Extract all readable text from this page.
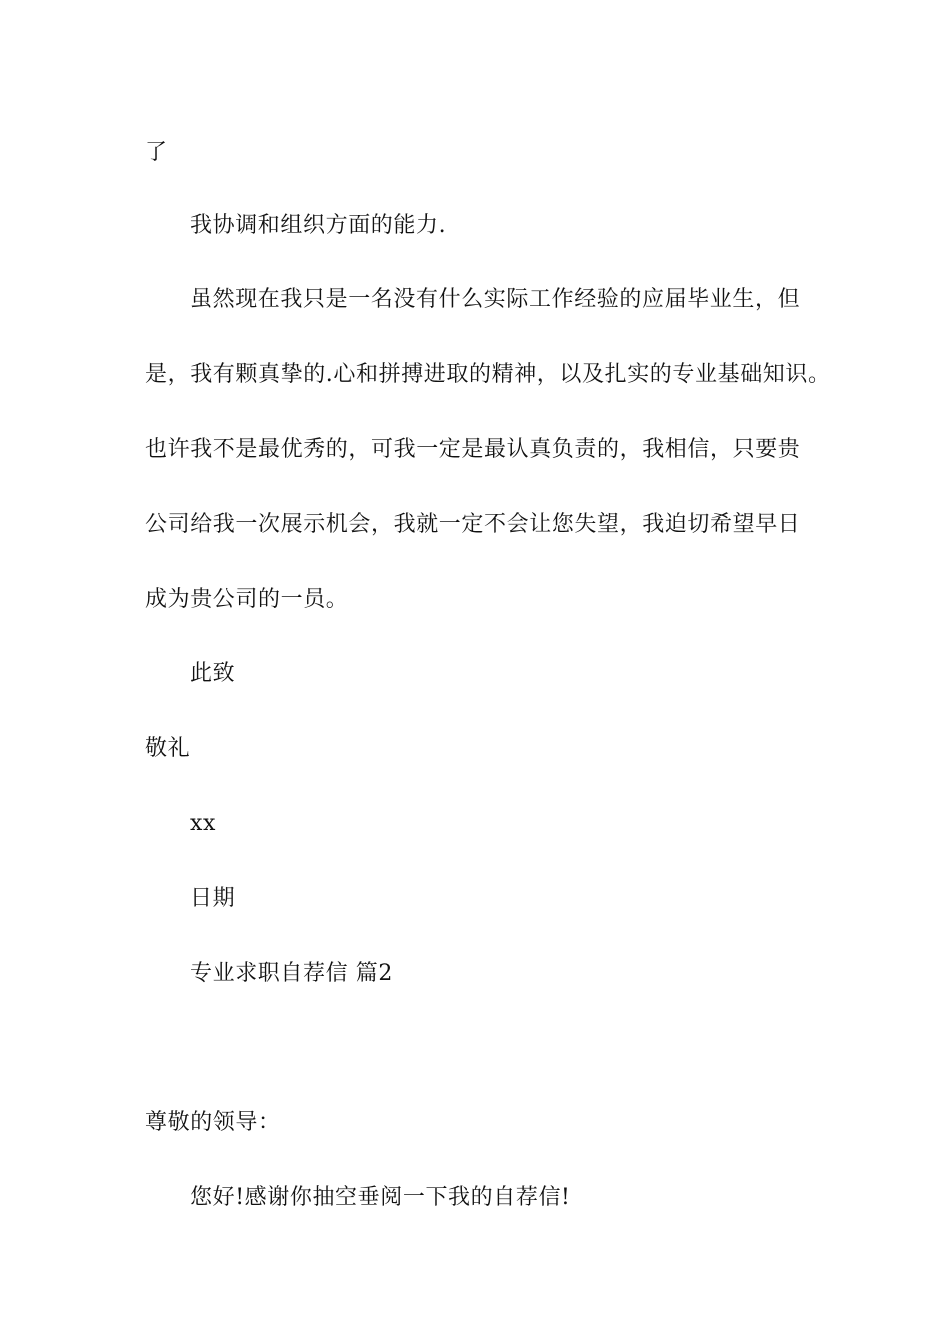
了
我协调和组织方面的能力.
虽然现在我只是一名没有什么实际工作经验的应届毕业生，但
是，我有颗真挚的.心和拼搏进取的精神，以及扎实的专业基础知识。
也许我不是最优秀的，可我一定是最认真负责的，我相信，只要贵
公司给我一次展示机会，我就一定不会让您失望，我迫切希望早日
成为贵公司的一员。
此致
敬礼
xx
日期
专业求职自荐信 篇2
尊敬的领导：
您好!感谢你抽空垂阅一下我的自荐信!
